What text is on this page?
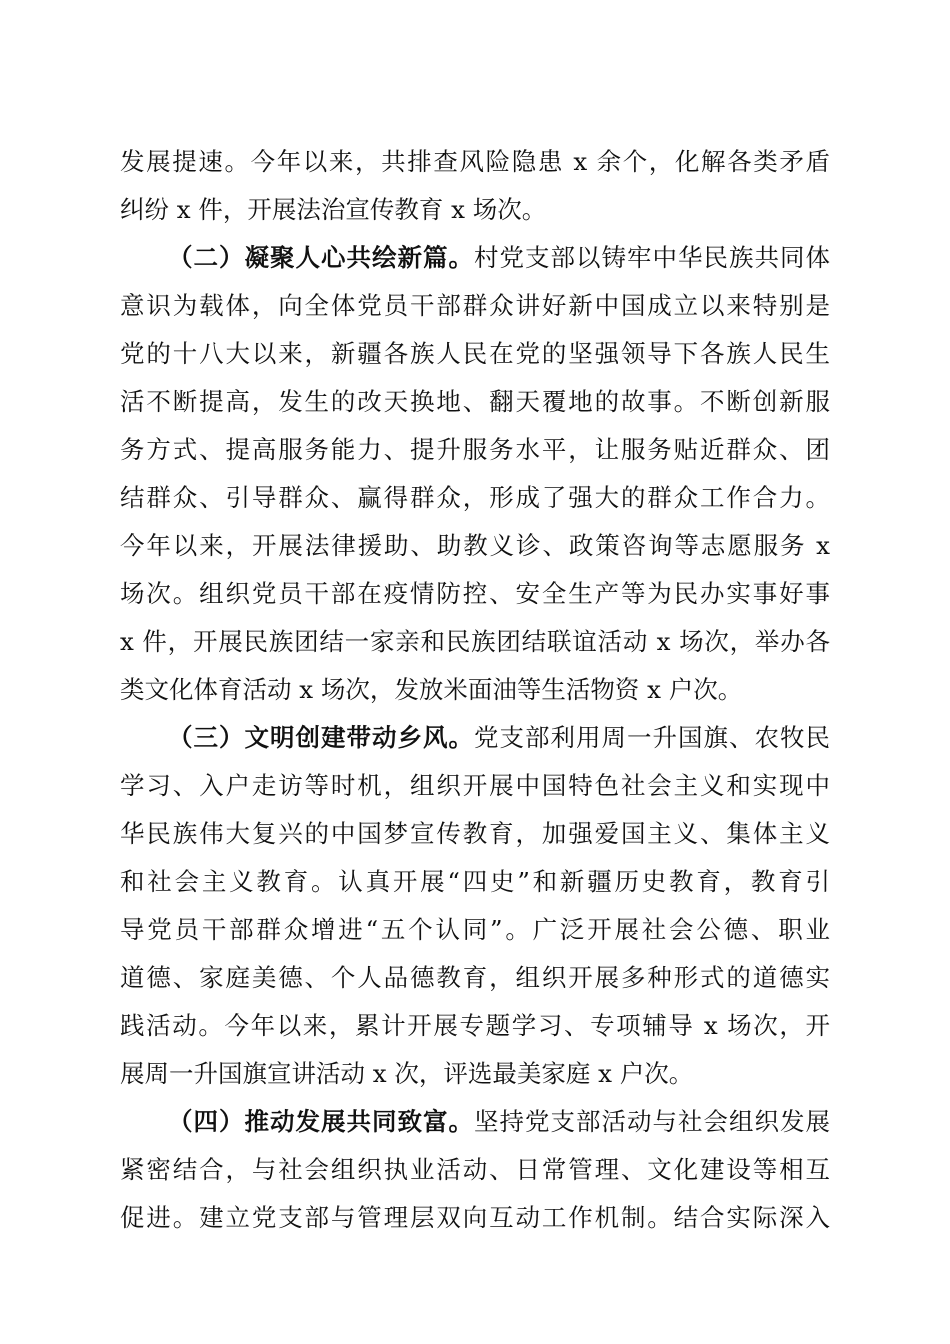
发展提速。今年以来，共排查风险隐患 x 余个，化解各类矛盾
纠纷 x 件，开展法治宣传教育 x 场次。
（二）凝聚人心共绘新篇。村党支部以铸牢中华民族共同体
意识为载体，向全体党员干部群众讲好新中国成立以来特别是
党的十八大以来，新疆各族人民在党的坚强领导下各族人民生
活不断提高，发生的改天换地、翻天覆地的故事。不断创新服
务方式、提高服务能力、提升服务水平，让服务贴近群众、团
结群众、引导群众、赢得群众，形成了强大的群众工作合力。
今年以来，开展法律援助、助教义诊、政策咨询等志愿服务 x
场次。组织党员干部在疫情防控、安全生产等为民办实事好事
x 件，开展民族团结一家亲和民族团结联谊活动 x 场次，举办各
类文化体育活动 x 场次，发放米面油等生活物资 x 户次。
（三）文明创建带动乡风。党支部利用周一升国旗、农牧民
学习、入户走访等时机，组织开展中国特色社会主义和实现中
华民族伟大复兴的中国梦宣传教育，加强爱国主义、集体主义
和社会主义教育。认真开展“四史”和新疆历史教育，教育引
导党员干部群众增进“五个认同”。广泛开展社会公德、职业
道德、家庭美德、个人品德教育，组织开展多种形式的道德实
践活动。今年以来，累计开展专题学习、专项辅导 x 场次，开
展周一升国旗宣讲活动 x 次，评选最美家庭 x 户次。
（四）推动发展共同致富。坚持党支部活动与社会组织发展
紧密结合，与社会组织执业活动、日常管理、文化建设等相互
促进。建立党支部与管理层双向互动工作机制。结合实际深入
